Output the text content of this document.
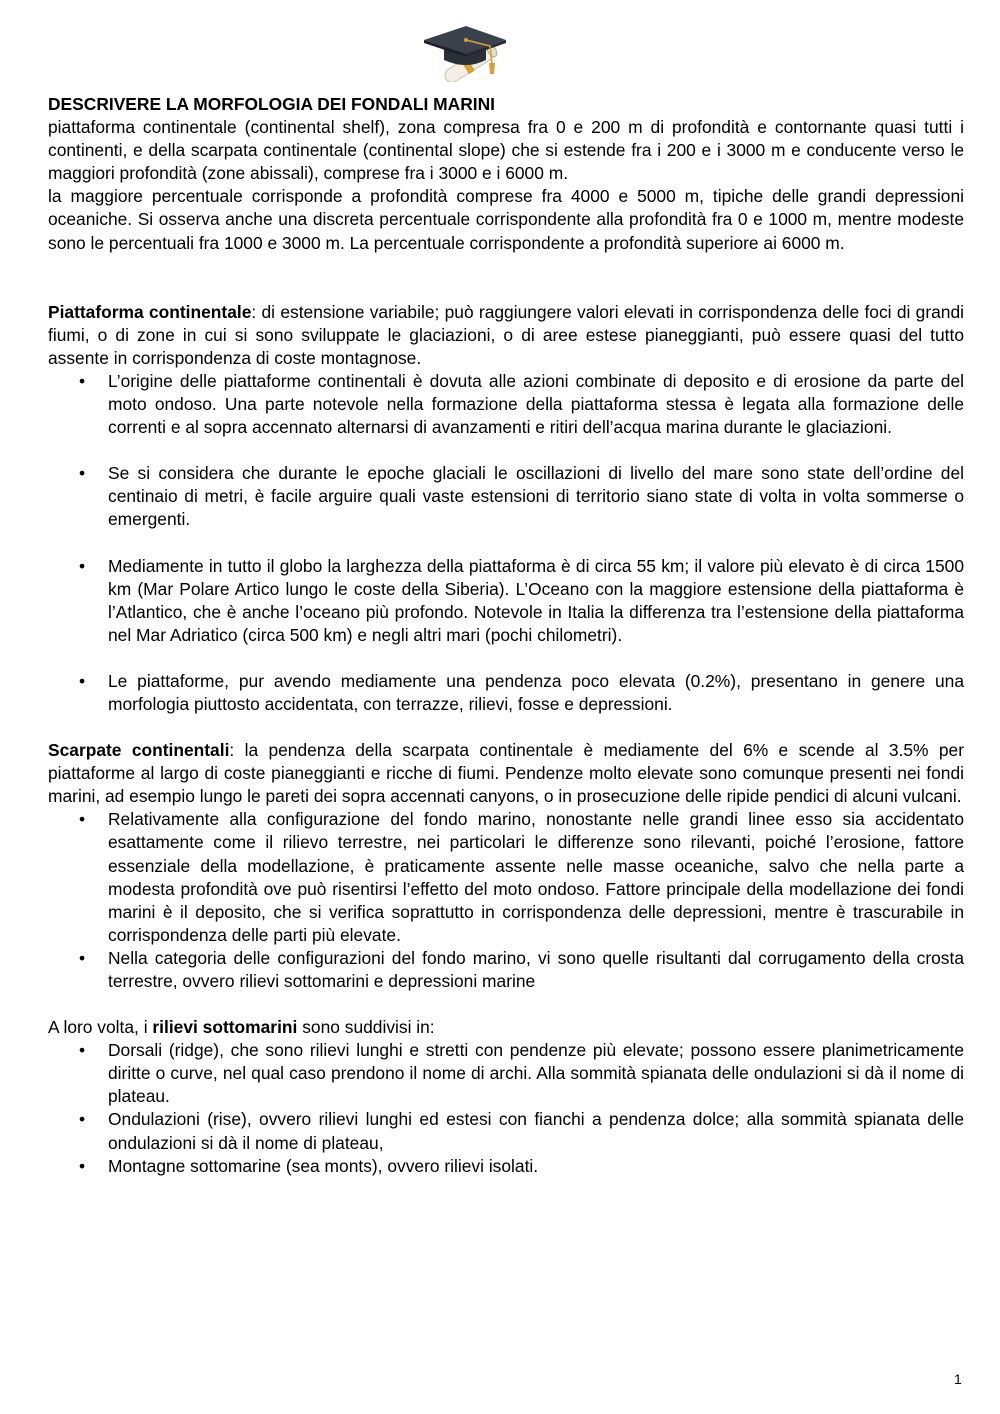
DESCRIVERE LA MORFOLOGIA DEI FONDALI MARINI

piattaforma continentale (continental shelf), zona compresa fra 0 e 200 m di profondità e contornante quasi tutti i continenti, e della scarpata continentale (continental slope) che si estende fra i 200 e i 3000 m e conducente verso le maggiori profondità (zone abissali), comprese fra i 3000 e i 6000 m.

la maggiore percentuale corrisponde a profondità comprese fra 4000 e 5000 m, tipiche delle grandi depressioni oceaniche. Si osserva anche una discreta percentuale corrispondente alla profondità fra 0 e 1000 m, mentre modeste sono le percentuali fra 1000 e 3000 m. La percentuale corrispondente a profondità superiore ai 6000 m.

Piattaforma continentale: di estensione variabile; può raggiungere valori elevati in corrispondenza delle foci di grandi fiumi, o di zone in cui si sono sviluppate le glaciazioni, o di aree estese pianeggianti, può essere quasi del tutto assente in corrispondenza di coste montagnose.

• L’origine delle piattaforme continentali è dovuta alle azioni combinate di deposito e di erosione da parte del moto ondoso. Una parte notevole nella formazione della piattaforma stessa è legata alla formazione delle correnti e al sopra accennato alternarsi di avanzamenti e ritiri dell’acqua marina durante le glaciazioni.
• Se si considera che durante le epoche glaciali le oscillazioni di livello del mare sono state dell’ordine del centinaio di metri, è facile arguire quali vaste estensioni di territorio siano state di volta in volta sommerse o emergenti.
• Mediamente in tutto il globo la larghezza della piattaforma è di circa 55 km; il valore più elevato è di circa 1500 km (Mar Polare Artico lungo le coste della Siberia). L’Oceano con la maggiore estensione della piattaforma è l’Atlantico, che è anche l’oceano più profondo. Notevole in Italia la differenza tra l’estensione della piattaforma nel Mar Adriatico (circa 500 km) e negli altri mari (pochi chilometri).
• Le piattaforme, pur avendo mediamente una pendenza poco elevata (0.2%), presentano in genere una morfologia piuttosto accidentata, con terrazze, rilievi, fosse e depressioni.

Scarpate continentali: la pendenza della scarpata continentale è mediamente del 6% e scende al 3.5% per piattaforme al largo di coste pianeggianti e ricche di fiumi. Pendenze molto elevate sono comunque presenti nei fondi marini, ad esempio lungo le pareti dei sopra accennati canyons, o in prosecuzione delle ripide pendici di alcuni vulcani.

• Relativamente alla configurazione del fondo marino, nonostante nelle grandi linee esso sia accidentato esattamente come il rilievo terrestre, nei particolari le differenze sono rilevanti, poiché l’erosione, fattore essenziale della modellazione, è praticamente assente nelle masse oceaniche, salvo che nella parte a modesta profondità ove può risentirsi l’effetto del moto ondoso. Fattore principale della modellazione dei fondi marini è il deposito, che si verifica soprattutto in corrispondenza delle depressioni, mentre è trascurabile in corrispondenza delle parti più elevate.
• Nella categoria delle configurazioni del fondo marino, vi sono quelle risultanti dal corrugamento della crosta terrestre, ovvero rilievi sottomarini e depressioni marine

A loro volta, i rilievi sottomarini sono suddivisi in:

• Dorsali (ridge), che sono rilievi lunghi e stretti con pendenze più elevate; possono essere planimetricamente diritte o curve, nel qual caso prendono il nome di archi. Alla sommità spianata delle ondulazioni si dà il nome di plateau.
• Ondulazioni (rise), ovvero rilievi lunghi ed estesi con fianchi a pendenza dolce; alla sommità spianata delle ondulazioni si dà il nome di plateau,
• Montagne sottomarine (sea monts), ovvero rilievi isolati.
1
